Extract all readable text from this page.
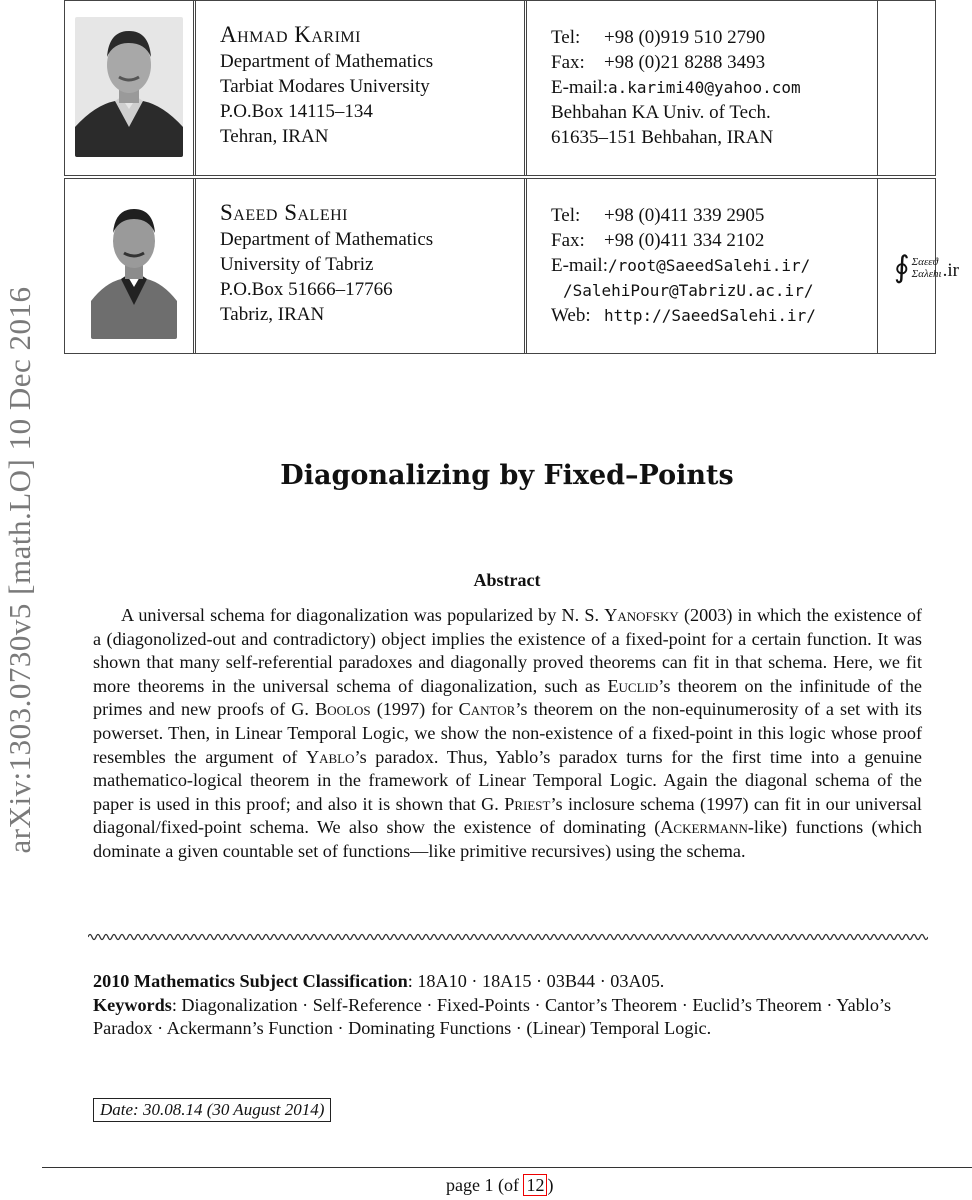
arXiv:1303.0730v5 [math.LO] 10 Dec 2016
Ahmad Karimi
Department of Mathematics
Tarbiat Modares University
P.O.Box 14115–134
Tehran, IRAN
Tel: +98 (0)919 510 2790
Fax: +98 (0)21 8288 3493
E-mail:a.karimi40@yahoo.com
Behbahan KA Univ. of Tech.
61635–151 Behbahan, IRAN
Saeed Salehi
Department of Mathematics
University of Tabriz
P.O.Box 51666–17766
Tabriz, IRAN
Tel: +98 (0)411 339 2905
Fax: +98 (0)411 334 2102
E-mail:/root@SaeedSalehi.ir/
/SalehiPour@TabrizU.ac.ir/
Web: http://SaeedSalehi.ir/
∮ Σαεεϑ
Σαλεhι .ir
Diagonalizing by Fixed–Points
Abstract

A universal schema for diagonalization was popularized by N. S. Yanofsky (2003) in which the existence of a (diagonolized-out and contradictory) object implies the existence of a fixed-point for a certain function. It was shown that many self-referential paradoxes and diagonally proved theorems can fit in that schema. Here, we fit more theorems in the universal schema of diagonalization, such as Euclid’s theorem on the infinitude of the primes and new proofs of G. Boolos (1997) for Cantor’s theorem on the non-equinumerosity of a set with its powerset. Then, in Linear Temporal Logic, we show the non-existence of a fixed-point in this logic whose proof resembles the argument of Yablo’s paradox. Thus, Yablo’s paradox turns for the first time into a genuine mathematico-logical theorem in the framework of Linear Temporal Logic. Again the diagonal schema of the paper is used in this proof; and also it is shown that G. Priest’s inclosure schema (1997) can fit in our universal diagonal/fixed-point schema. We also show the existence of dominating (Ackermann-like) functions (which dominate a given countable set of functions—like primitive recursives) using the schema.

2010 Mathematics Subject Classification: 18A10 · 18A15 · 03B44 · 03A05.
Keywords: Diagonalization · Self-Reference · Fixed-Points · Cantor’s Theorem · Euclid’s Theorem · Yablo’s Paradox · Ackermann’s Function · Dominating Functions · (Linear) Temporal Logic.

Date: 30.08.14 (30 August 2014)
page 1 (of 12 )
